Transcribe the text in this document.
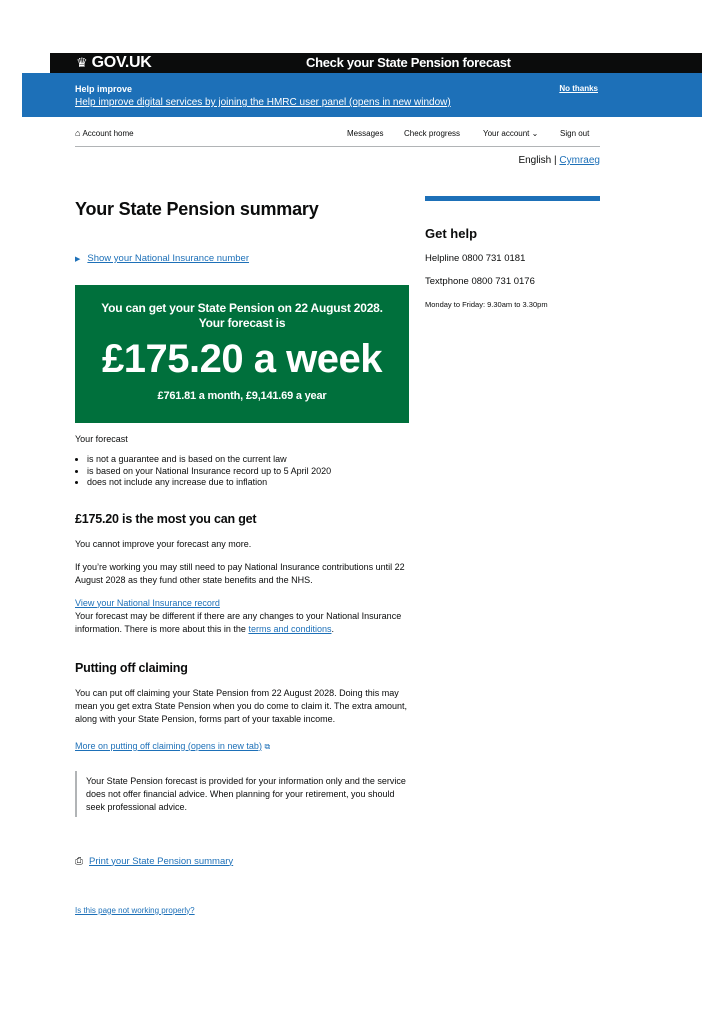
♛ GOV.UK	Check your State Pension forecast
Help improve
Help improve digital services by joining the HMRC user panel (opens in new window)
No thanks
⌂ Account home	Messages	Check progress	Your account ⌄	Sign out
English | Cymraeg
Your State Pension summary
▶ Show your National Insurance number
You can get your State Pension on 22 August 2028.
Your forecast is
£175.20 a week
£761.81 a month, £9,141.69 a year

Your forecast

• is not a guarantee and is based on the current law
• is based on your National Insurance record up to 5 April 2020
• does not include any increase due to inflation
£175.20 is the most you can get

You cannot improve your forecast any more.

If you’re working you may still need to pay National Insurance contributions until 22 August 2028 as they fund other state benefits and the NHS.

View your National Insurance record

Your forecast may be different if there are any changes to your National Insurance information. There is more about this in the terms and conditions.

Putting off claiming

You can put off claiming your State Pension from 22 August 2028. Doing this may mean you get extra State Pension when you do come to claim it. The extra amount, along with your State Pension, forms part of your taxable income.

More on putting off claiming (opens in new tab) ⧉

Your State Pension forecast is provided for your information only and the service does not offer financial advice. When planning for your retirement, you should seek professional advice.
⎙ Print your State Pension summary
Is this page not working properly?
Get help

Helpline 0800 731 0181

Textphone 0800 731 0176

Monday to Friday: 9.30am to 3.30pm
